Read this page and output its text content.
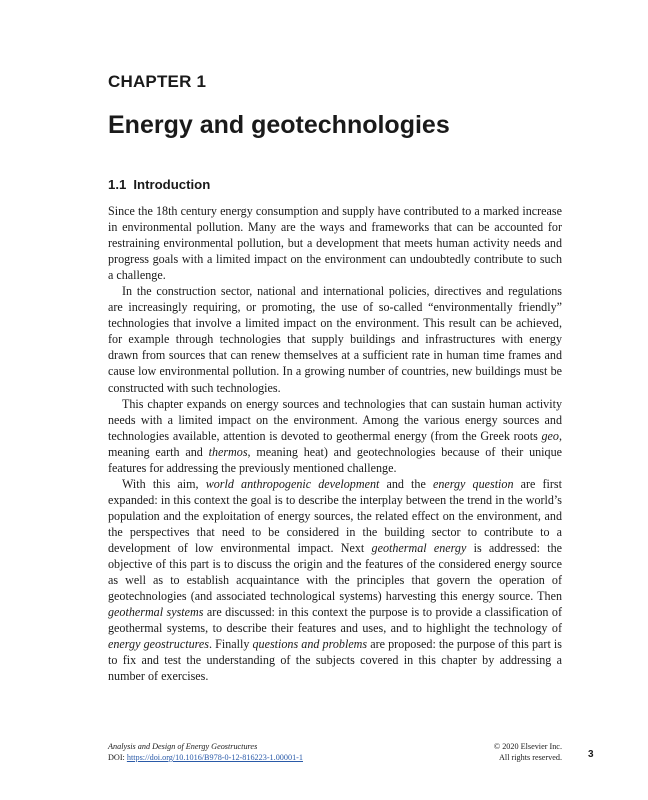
CHAPTER 1
Energy and geotechnologies
1.1 Introduction

Since the 18th century energy consumption and supply have contributed to a marked increase in environmental pollution. Many are the ways and frameworks that can be accounted for restraining environmental pollution, but a development that meets human activity needs and progress goals with a limited impact on the environment can undoubtedly contribute to such a challenge.

In the construction sector, national and international policies, directives and regulations are increasingly requiring, or promoting, the use of so-called “environmentally friendly” technologies that involve a limited impact on the environment. This result can be achieved, for example through technologies that supply buildings and infrastructures with energy drawn from sources that can renew themselves at a sufficient rate in human time frames and cause low environmental pollution. In a growing number of countries, new buildings must be constructed with such technologies.

This chapter expands on energy sources and technologies that can sustain human activity needs with a limited impact on the environment. Among the various energy sources and technologies available, attention is devoted to geothermal energy (from the Greek roots geo, meaning earth and thermos, meaning heat) and geotechnologies because of their unique features for addressing the previously mentioned challenge.

With this aim, world anthropogenic development and the energy question are first expanded: in this context the goal is to describe the interplay between the trend in the world’s population and the exploitation of energy sources, the related effect on the environment, and the perspectives that need to be considered in the building sector to contribute to a development of low environmental impact. Next geothermal energy is addressed: the objective of this part is to discuss the origin and the features of the considered energy source as well as to establish acquaintance with the principles that govern the operation of geotechnologies (and associated technological systems) harvesting this energy source. Then geothermal systems are discussed: in this context the purpose is to provide a classification of geothermal systems, to describe their features and uses, and to highlight the technology of energy geostructures. Finally questions and problems are proposed: the purpose of this part is to fix and test the understanding of the subjects covered in this chapter by addressing a number of exercises.

Analysis and Design of Energy Geostructures
DOI: https://doi.org/10.1016/B978-0-12-816223-1.00001-1
© 2020 Elsevier Inc.
All rights reserved.	3
